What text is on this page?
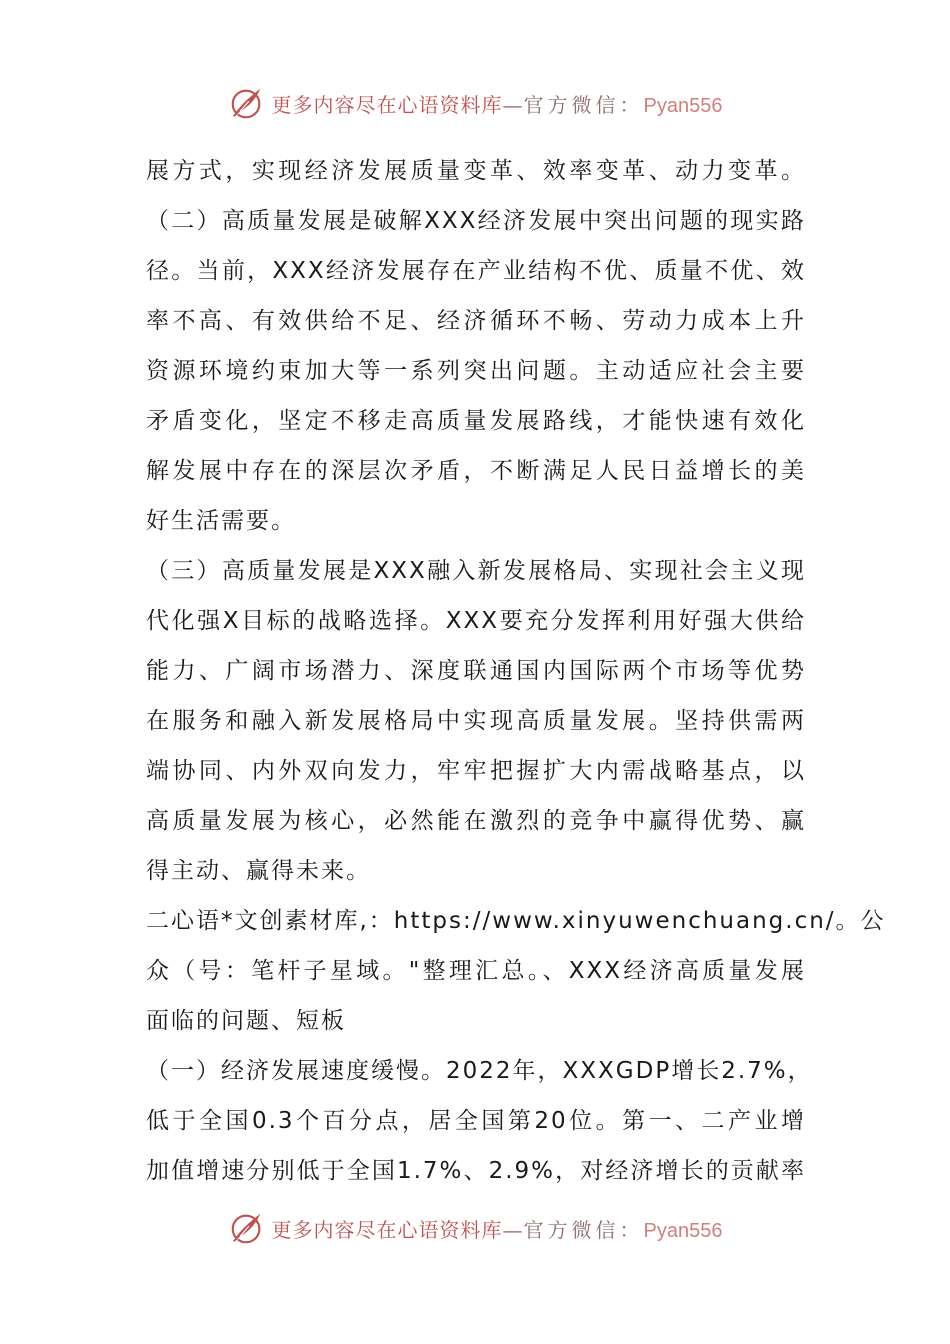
更多内容尽在心语资料库—官方微信：Pyan556
展方式，实现经济发展质量变革、效率变革、动力变革。
（二）高质量发展是破解XXX经济发展中突出问题的现实路
径。当前，XXX经济发展存在产业结构不优、质量不优、效
率不高、有效供给不足、经济循环不畅、劳动力成本上升
资源环境约束加大等一系列突出问题。主动适应社会主要
矛盾变化，坚定不移走高质量发展路线，才能快速有效化
解发展中存在的深层次矛盾，不断满足人民日益增长的美
好生活需要。
（三）高质量发展是XXX融入新发展格局、实现社会主义现
代化强X目标的战略选择。XXX要充分发挥利用好强大供给
能力、广阔市场潜力、深度联通国内国际两个市场等优势
在服务和融入新发展格局中实现高质量发展。坚持供需两
端协同、内外双向发力，牢牢把握扩大内需战略基点，以
高质量发展为核心，必然能在激烈的竞争中赢得优势、赢
得主动、赢得未来。
二心语*文创素材库,：https://www.xinyuwenchuang.cn/。公
众（号：笔杆子星域。"整理汇总。、XXX经济高质量发展
面临的问题、短板
（一）经济发展速度缓慢。2022年，XXXGDP增长2.7%，
低于全国0.3个百分点，居全国第20位。第一、二产业增
加值增速分别低于全国1.7%、2.9%，对经济增长的贡献率
更多内容尽在心语资料库—官方微信：Pyan556
